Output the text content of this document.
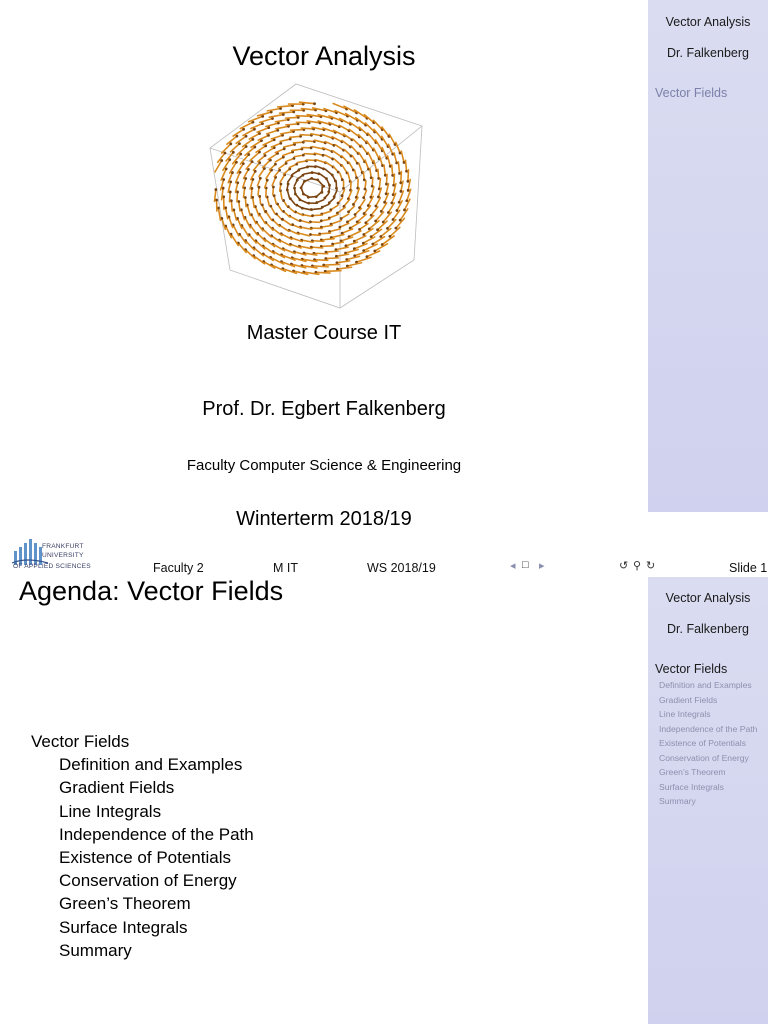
Vector Analysis
Dr. Falkenberg
Vector Fields
Vector Analysis
Master Course IT
Prof. Dr. Egbert Falkenberg
Faculty Computer Science & Engineering
Winterterm 2018/19
FRANKFURT
UNIVERSITY
OF APPLIED SCIENCES	Faculty 2	M IT	WS 2018/19	◂ □ ▸	↺ ⚲ ↻	Slide 1
Vector Analysis
Dr. Falkenberg
Vector Fields
Definition and Examples
Gradient Fields
Line Integrals
Independence of the Path
Existence of Potentials
Conservation of Energy
Green’s Theorem
Surface Integrals
Summary
Agenda: Vector Fields
Vector Fields
Definition and Examples
Gradient Fields
Line Integrals
Independence of the Path
Existence of Potentials
Conservation of Energy
Green’s Theorem
Surface Integrals
Summary
